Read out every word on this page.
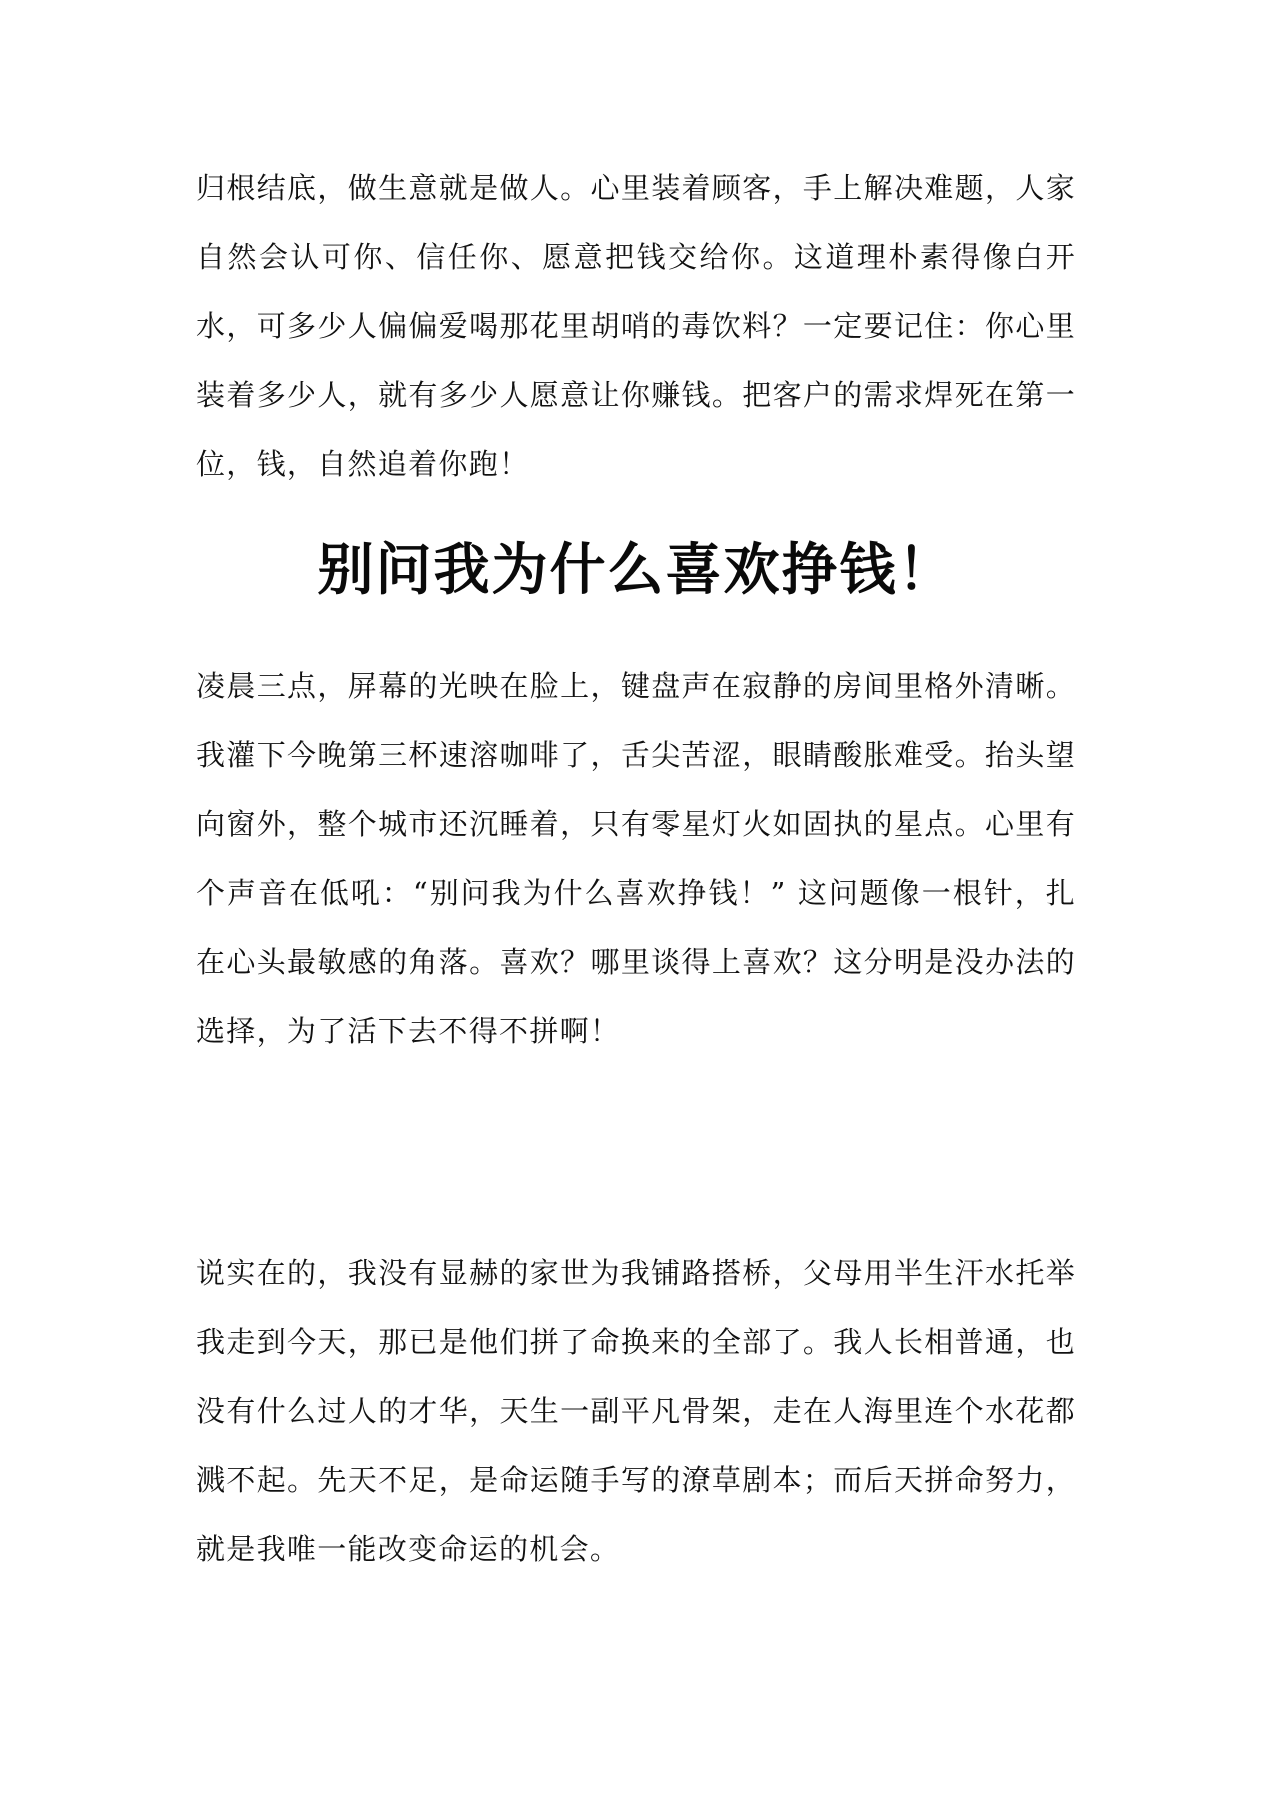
归根结底，做生意就是做人。心里装着顾客，手上解决难题，人家自然会认可你、信任你、愿意把钱交给你。这道理朴素得像白开水，可多少人偏偏爱喝那花里胡哨的毒饮料？一定要记住：你心里装着多少人，就有多少人愿意让你赚钱。把客户的需求焊死在第一位，钱，自然追着你跑！

别问我为什么喜欢挣钱！

凌晨三点，屏幕的光映在脸上，键盘声在寂静的房间里格外清晰。我灌下今晚第三杯速溶咖啡了，舌尖苦涩，眼睛酸胀难受。抬头望向窗外，整个城市还沉睡着，只有零星灯火如固执的星点。心里有个声音在低吼：“别问我为什么喜欢挣钱！” 这问题像一根针，扎在心头最敏感的角落。喜欢？哪里谈得上喜欢？这分明是没办法的选择，为了活下去不得不拼啊！

说实在的，我没有显赫的家世为我铺路搭桥，父母用半生汗水托举我走到今天，那已是他们拼了命换来的全部了。我人长相普通，也没有什么过人的才华，天生一副平凡骨架，走在人海里连个水花都溅不起。先天不足，是命运随手写的潦草剧本；而后天拼命努力，就是我唯一能改变命运的机会。
